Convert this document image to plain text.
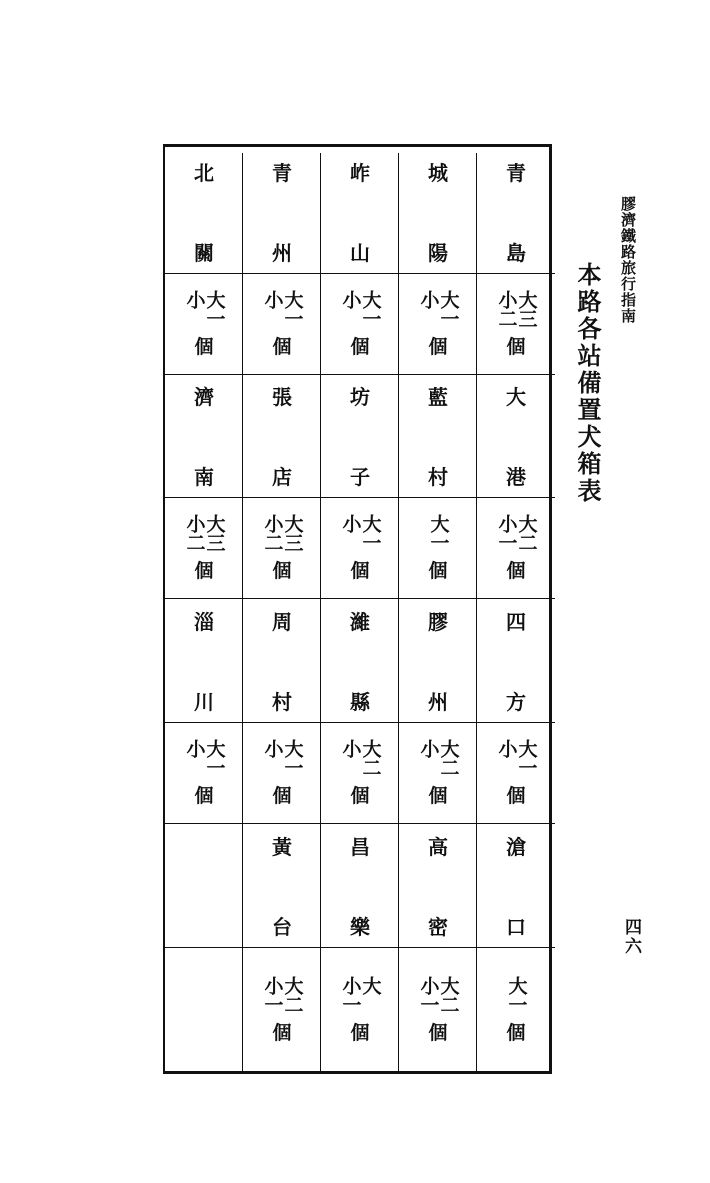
膠濟鐵路旅行指南
本路各站備置犬箱表
四六
青
島
大三
小二
個
大
港
大二
小一
個
四
方
大一
小
個
滄
口
大一
個
城
陽
大一
小
個
藍
村
大一
個
膠
州
大二
小
個
高
密
大二
小一
個
岞
山
大一
小
個
坊
子
大一
小
個
濰
縣
大二
小
個
昌
樂
大
小一
個
青
州
大一
小
個
張
店
大三
小二
個
周
村
大一
小
個
黃
台
大二
小一
個
北
關
大一
小
個
濟
南
大三
小二
個
淄
川
大一
小
個
